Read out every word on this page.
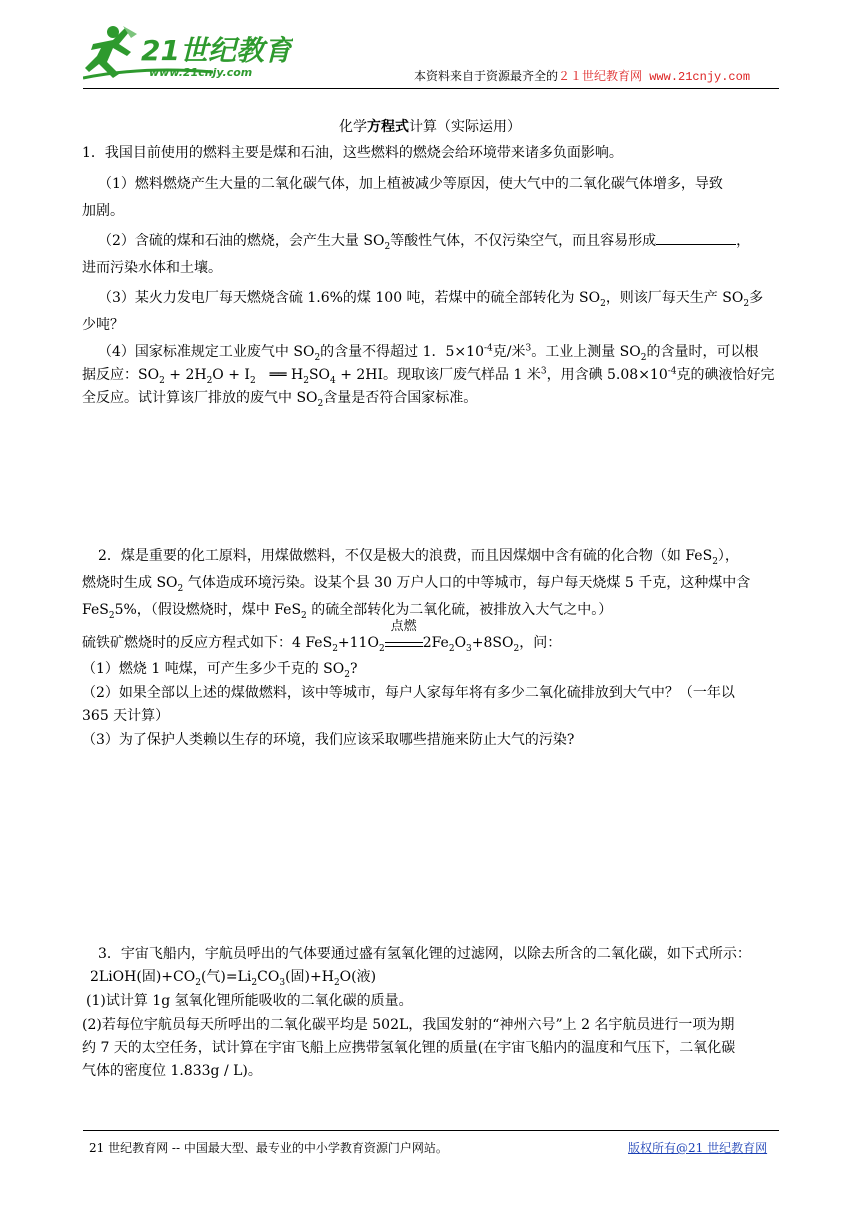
21世纪教育
www.21cnjy.com	本资料来自于资源最齐全的２１世纪教育网 www.21cnjy.com
化学方程式计算（实际运用）
1．我国目前使用的燃料主要是煤和石油，这些燃料的燃烧会给环境带来诸多负面影响。
（1）燃料燃烧产生大量的二氧化碳气体，加上植被减少等原因，使大气中的二氧化碳气体增多，导致
加剧。
（2）含硫的煤和石油的燃烧，会产生大量 $SO_2$等酸性气体，不仅污染空气，而且容易形成	，
进而污染水体和土壤。
（3）某火力发电厂每天燃烧含硫 1.6%的煤 100 吨，若煤中的硫全部转化为 $SO_2$，则该厂每天生产 $SO_2$多
少吨？
（4）国家标准规定工业废气中 $SO_2$的含量不得超过 1．$5\times 10^{-4}$克/米$^3$。工业上测量 $SO_2$的含量时，可以根
据反应：$SO_2 + 2H_2O + I_2$　══ $H_2SO_4 + 2HI$。现取该厂废气样品 1 米$^3$，用含碘 $5.08\times 10^{-4}$克的碘液恰好完
全反应。试计算该厂排放的废气中 $SO_2$含量是否符合国家标准。
2．煤是重要的化工原料，用煤做燃料，不仅是极大的浪费，而且因煤烟中含有硫的化合物（如 FeS$_2$），
燃烧时生成 $SO_2$ 气体造成环境污染。设某个县 30 万户人口的中等城市，每户每天烧煤 5 千克，这种煤中含
FeS$_2$5%，（假设燃烧时，煤中 FeS$_2$ 的硫全部转化为二氧化硫，被排放入大气之中。）
硫铁矿燃烧时的反应方程式如下：4 $FeS_2+11O_2$
点燃
$2Fe_2O_3+8SO_2$，问：
（1）燃烧 1 吨煤，可产生多少千克的 $SO_2$?
（2）如果全部以上述的煤做燃料，该中等城市，每户人家每年将有多少二氧化硫排放到大气中？（一年以
365 天计算）
（3）为了保护人类赖以生存的环境，我们应该采取哪些措施来防止大气的污染?
3．宇宙飞船内，宇航员呼出的气体要通过盛有氢氧化锂的过滤网，以除去所含的二氧化碳，如下式所示：
2LiOH(固)$+CO_2$(气)$=Li_2CO_3$(固)$+H_2O$(液)
(1)试计算 1g 氢氧化锂所能吸收的二氧化碳的质量。
(2)若每位宇航员每天所呼出的二氧化碳平均是 502L，我国发射的“神州六号”上 2 名宇航员进行一项为期
约 7 天的太空任务，试计算在宇宙飞船上应携带氢氧化锂的质量(在宇宙飞船内的温度和气压下，二氧化碳
气体的密度位 1.833g / L)。
21 世纪教育网 -- 中国最大型、最专业的中小学教育资源门户网站。	版权所有@21 世纪教育网
